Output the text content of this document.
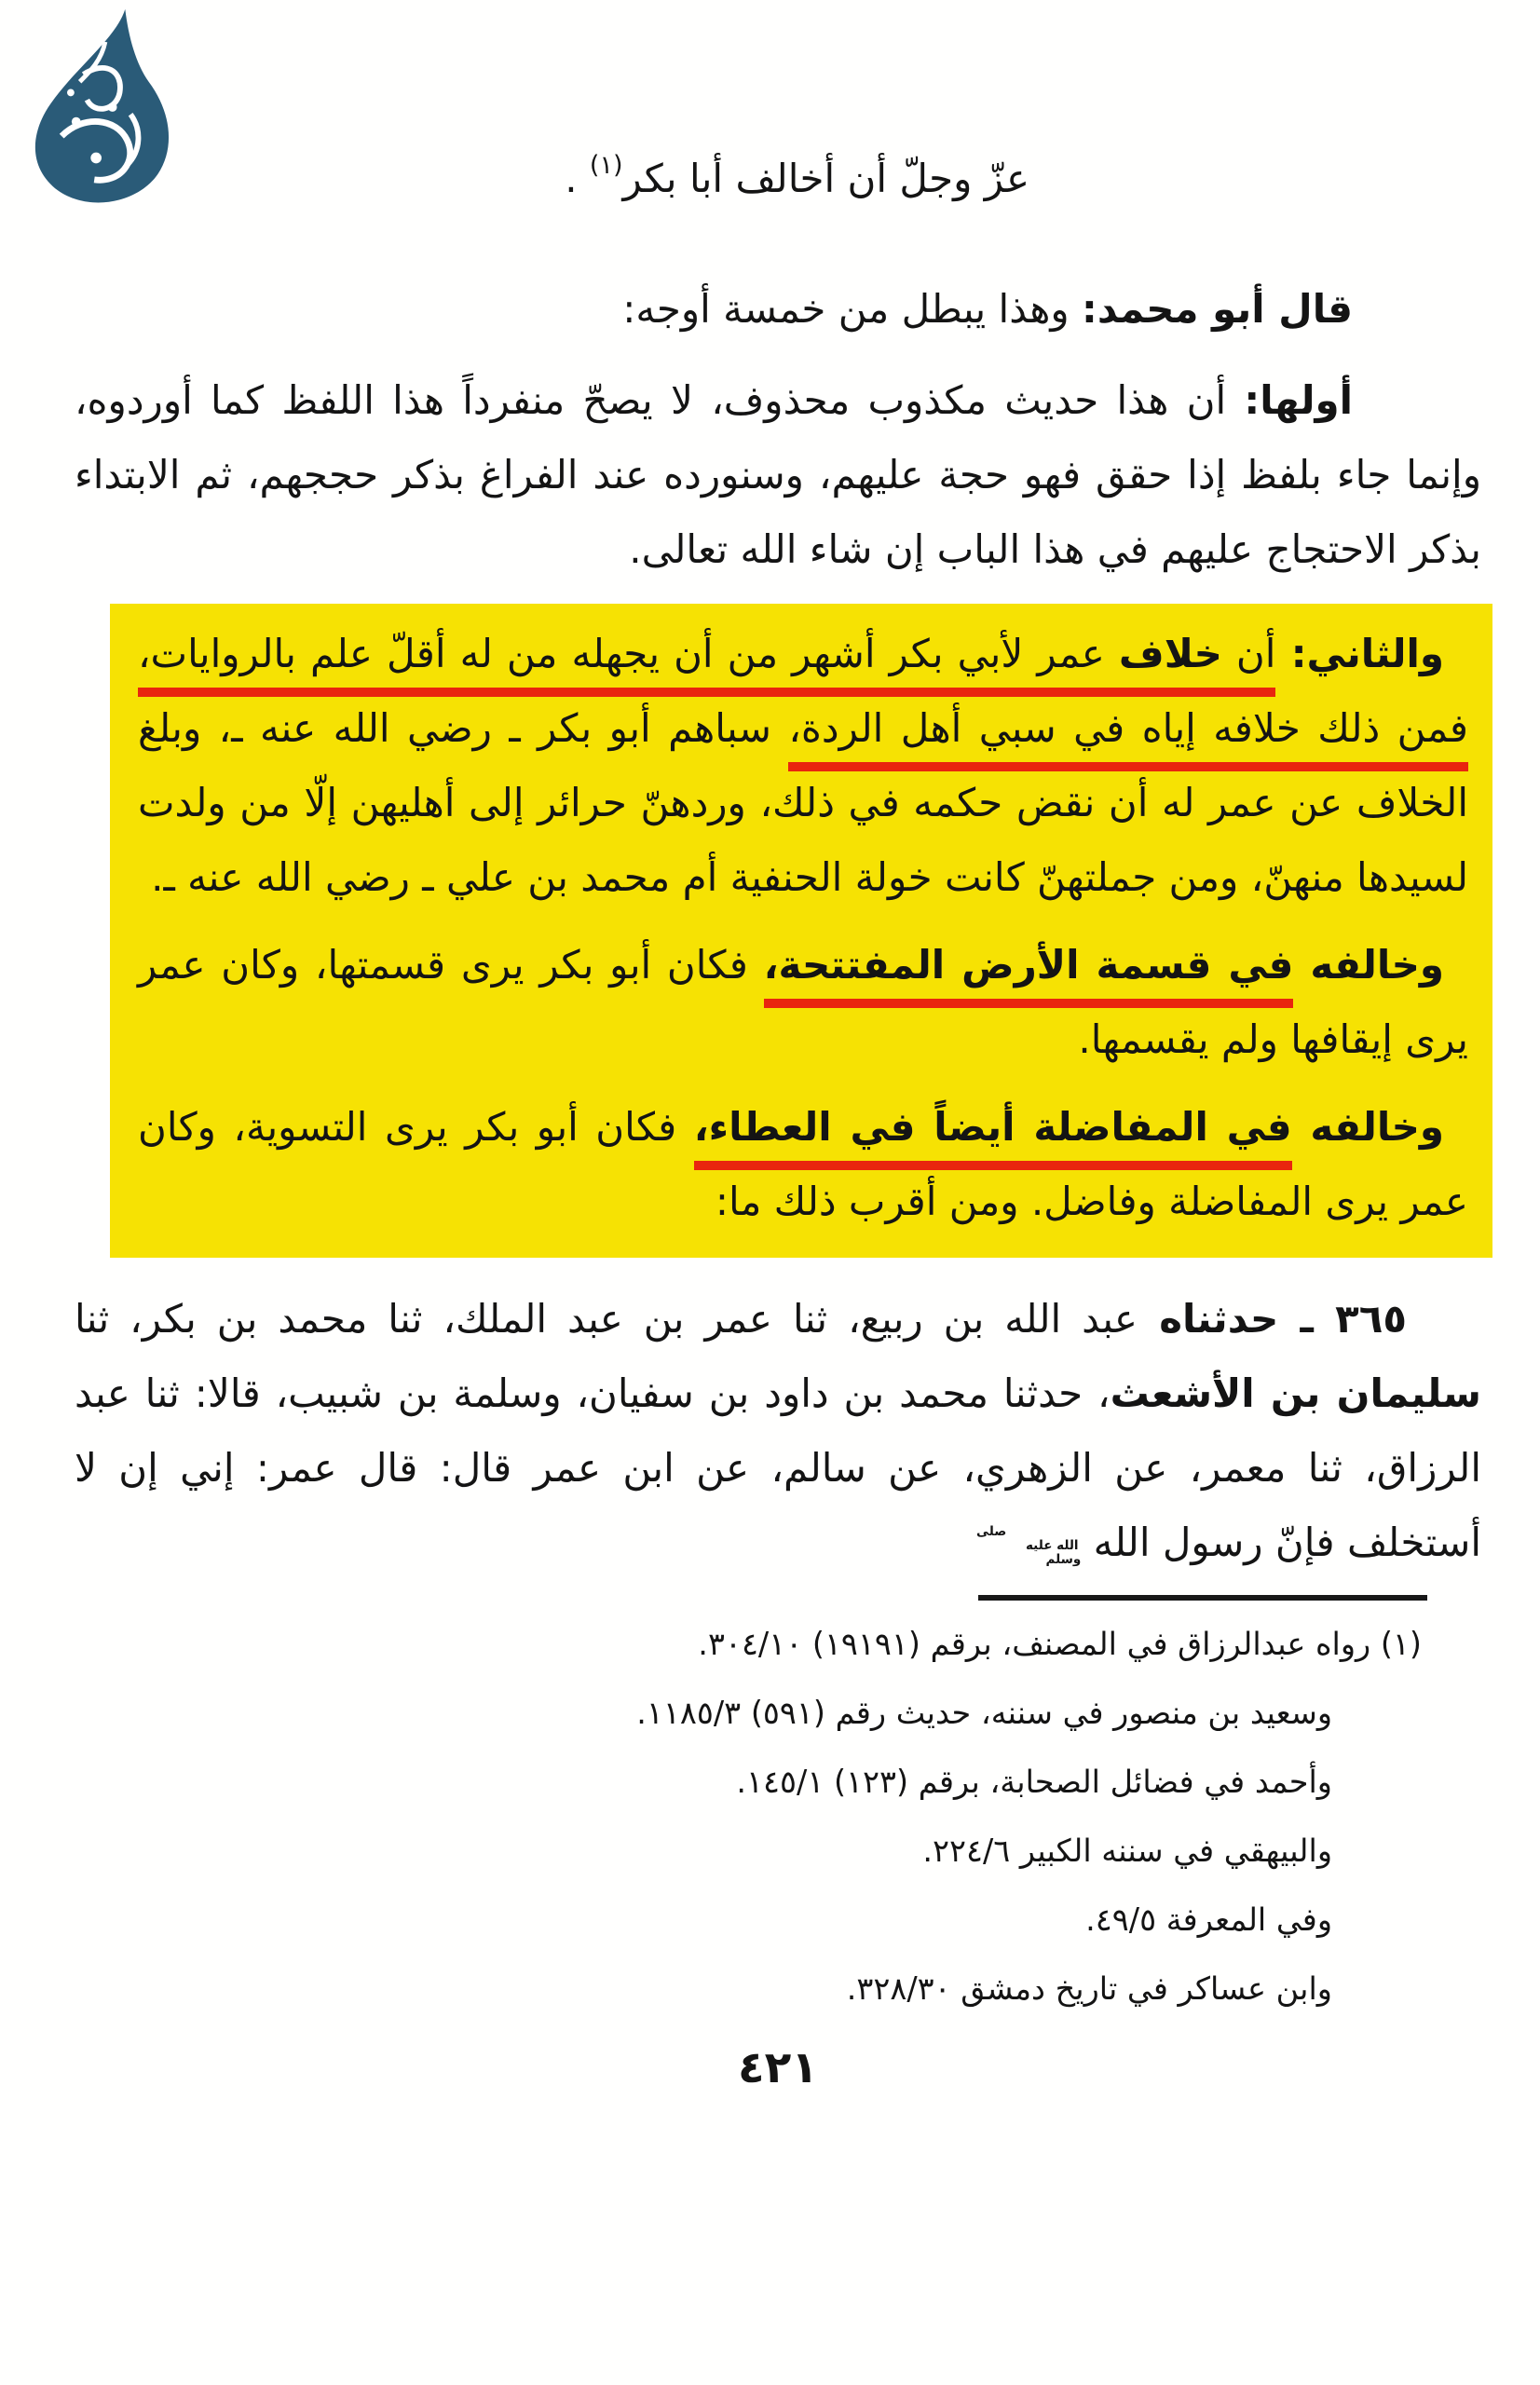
عزّ وجلّ أن أخالف أبا بكر$^{(١)}$ .

قال أبو محمد: وهذا يبطل من خمسة أوجه:

أولها: أن هذا حديث مكذوب محذوف، لا يصحّ منفرداً هذا اللفظ كما أوردوه، وإنما جاء بلفظ إذا حقق فهو حجة عليهم، وسنورده عند الفراغ بذكر حججهم، ثم الابتداء بذكر الاحتجاج عليهم في هذا الباب إن شاء الله تعالى.

والثاني: أن خلاف عمر لأبي بكر أشهر من أن يجهله من له أقلّ علم بالروايات، فمن ذلك خلافه إياه في سبي أهل الردة، سباهم أبو بكر ـ رضي الله عنه ـ، وبلغ الخلاف عن عمر له أن نقض حكمه في ذلك، وردهنّ حرائر إلى أهليهن إلّا من ولدت لسيدها منهنّ، ومن جملتهنّ كانت خولة الحنفية أم محمد بن علي ـ رضي الله عنه ـ.

وخالفه في قسمة الأرض المفتتحة، فكان أبو بكر يرى قسمتها، وكان عمر يرى إيقافها ولم يقسمها.

وخالفه في المفاضلة أيضاً في العطاء، فكان أبو بكر يرى التسوية، وكان عمر يرى المفاضلة وفاضل. ومن أقرب ذلك ما:

٣٦٥ ـ حدثناه عبد الله بن ربيع، ثنا عمر بن عبد الملك، ثنا محمد بن بكر، ثنا سليمان بن الأشعث، حدثنا محمد بن داود بن سفيان، وسلمة بن شبيب، قالا: ثنا عبد الرزاق، ثنا معمر، عن الزهري، عن سالم، عن ابن عمر قال: قال عمر: إني إن لا أستخلف فإنّ رسول الله صلى الله عليه وسلم

(١) رواه عبدالرزاق في المصنف، برقم (١٩١٩١) ٣٠٤/١٠.
وسعيد بن منصور في سننه، حديث رقم (٥٩١) ١١٨٥/٣.
وأحمد في فضائل الصحابة، برقم (١٢٣) ١٤٥/١.
والبيهقي في سننه الكبير ٢٢٤/٦.
وفي المعرفة ٤٩/٥.
وابن عساكر في تاريخ دمشق ٣٢٨/٣٠.
٤٢١
